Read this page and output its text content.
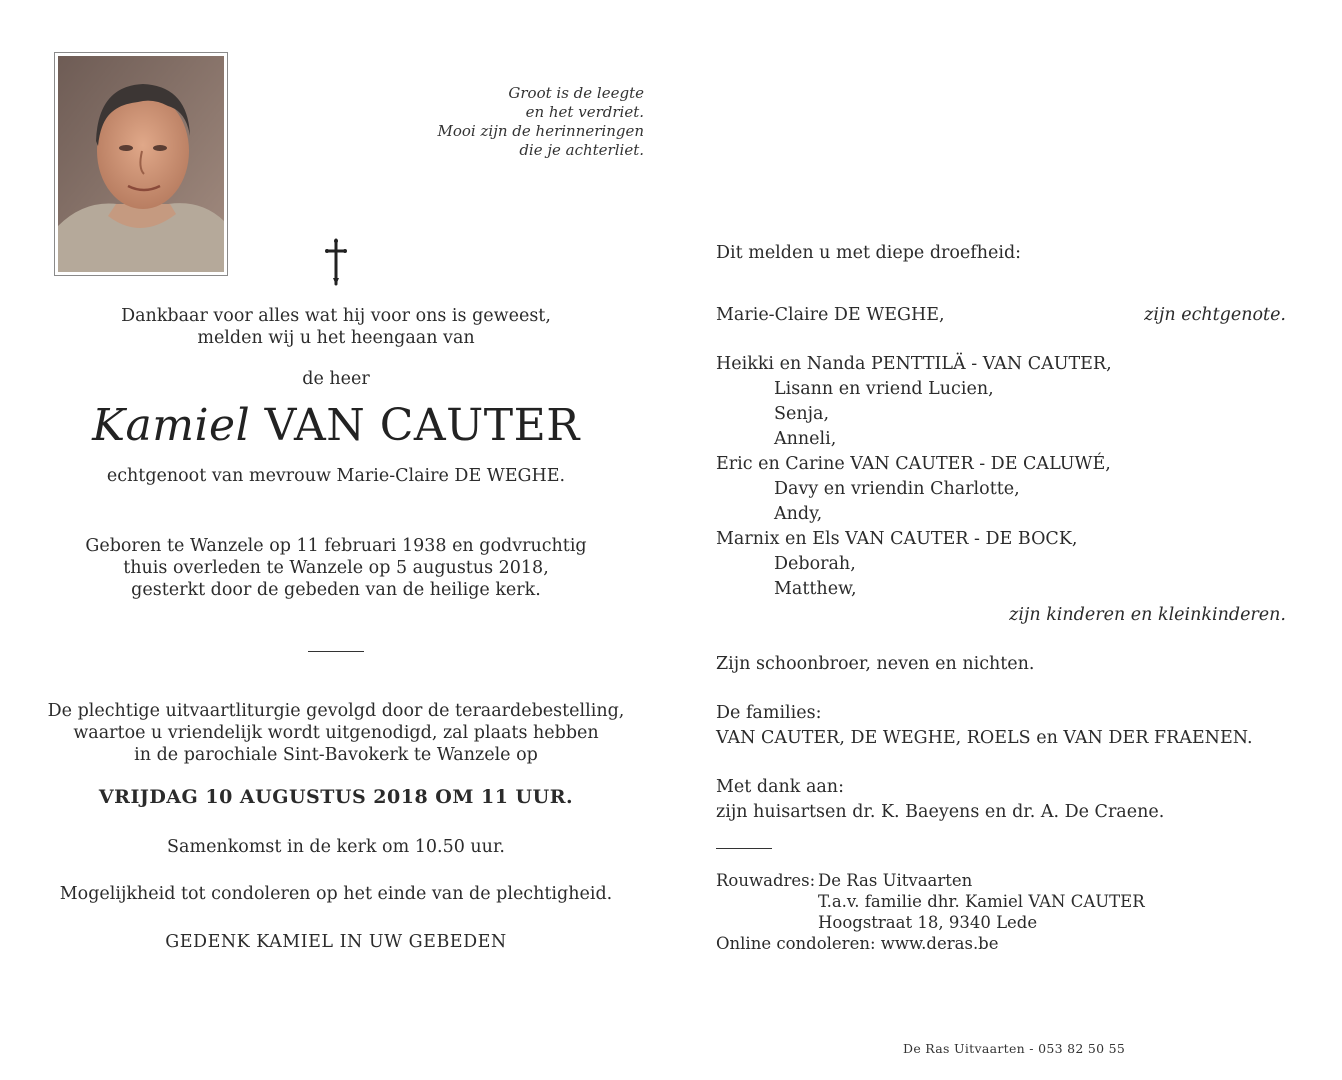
Groot is de leegte
en het verdriet.
Mooi zijn de herinneringen
die je achterliet.
Dankbaar voor alles wat hij voor ons is geweest,
melden wij u het heengaan van
de heer
Kamiel VAN CAUTER
echtgenoot van mevrouw Marie-Claire DE WEGHE.
Geboren te Wanzele op 11 februari 1938 en godvruchtig
thuis overleden te Wanzele op 5 augustus 2018,
gesterkt door de gebeden van de heilige kerk.
De plechtige uitvaartliturgie gevolgd door de teraardebestelling,
waartoe u vriendelijk wordt uitgenodigd, zal plaats hebben
in de parochiale Sint-Bavokerk te Wanzele op
VRIJDAG 10 AUGUSTUS 2018 OM 11 UUR.
Samenkomst in de kerk om 10.50 uur.
Mogelijkheid tot condoleren op het einde van de plechtigheid.
GEDENK KAMIEL IN UW GEBEDEN
Dit melden u met diepe droefheid:
Marie-Claire DE WEGHE,	zijn echtgenote.
Heikki en Nanda PENTTILÄ - VAN CAUTER,
Lisann en vriend Lucien,
Senja,
Anneli,
Eric en Carine VAN CAUTER - DE CALUWÉ,
Davy en vriendin Charlotte,
Andy,
Marnix en Els VAN CAUTER - DE BOCK,
Deborah,
Matthew,
zijn kinderen en kleinkinderen.
Zijn schoonbroer, neven en nichten.
De families:
VAN CAUTER, DE WEGHE, ROELS en VAN DER FRAENEN.
Met dank aan:
zijn huisartsen dr. K. Baeyens en dr. A. De Craene.
Rouwadres: De Ras Uitvaarten
T.a.v. familie dhr. Kamiel VAN CAUTER
Hoogstraat 18, 9340 Lede
Online condoleren: www.deras.be
De Ras Uitvaarten - 053 82 50 55
